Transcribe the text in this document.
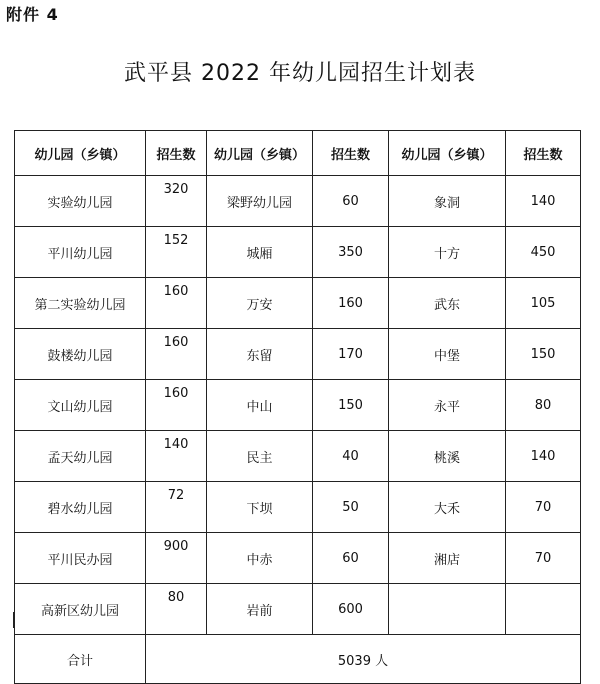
附件 4
武平县 2022 年幼儿园招生计划表
幼儿园（乡镇）	招生数	幼儿园（乡镇）	招生数	幼儿园（乡镇）	招生数
实验幼儿园	320	梁野幼儿园	60	象洞	140
平川幼儿园	152	城厢	350	十方	450
第二实验幼儿园	160	万安	160	武东	105
鼓楼幼儿园	160	东留	170	中堡	150
文山幼儿园	160	中山	150	永平	80
孟天幼儿园	140	民主	40	桃溪	140
碧水幼儿园	72	下坝	50	大禾	70
平川民办园	900	中赤	60	湘店	70
高新区幼儿园	80	岩前	600		
合计	5039 人				
